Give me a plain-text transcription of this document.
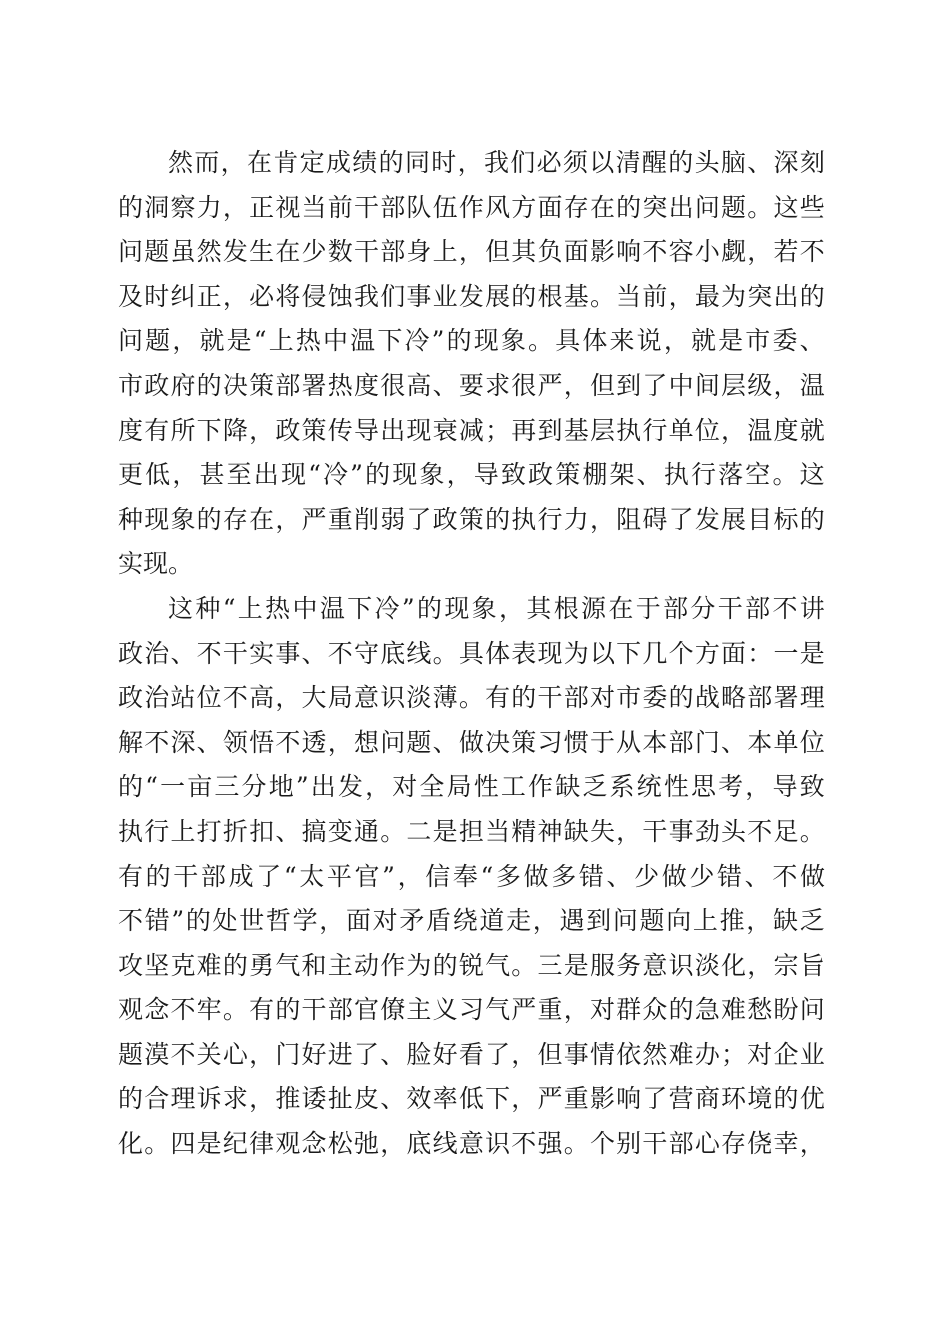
然 而 ， 在 肯 定 成 绩 的 同 时 ， 我 们 必 须 以 清 醒 的 头 脑 、 深 刻
的 洞 察 力 ， 正 视 当 前 干 部 队 伍 作 风 方 面 存 在 的 突 出 问 题 。 这 些
问 题 虽 然 发 生 在 少 数 干 部 身 上 ， 但 其 负 面 影 响 不 容 小 觑 ， 若 不
及 时 纠 正 ， 必 将 侵 蚀 我 们 事 业 发 展 的 根 基 。 当 前 ， 最 为 突 出 的
问 题 ， 就 是 “ 上 热 中 温 下 冷 ” 的 现 象 。 具 体 来 说 ， 就 是 市 委 、
市 政 府 的 决 策 部 署 热 度 很 高 、 要 求 很 严 ， 但 到 了 中 间 层 级 ， 温
度 有 所 下 降 ， 政 策 传 导 出 现 衰 减 ； 再 到 基 层 执 行 单 位 ， 温 度 就
更 低 ， 甚 至 出 现 “ 冷 ” 的 现 象 ， 导 致 政 策 棚 架 、 执 行 落 空 。 这
种 现 象 的 存 在 ， 严 重 削 弱 了 政 策 的 执 行 力 ， 阻 碍 了 发 展 目 标 的
实 现 。
这 种 “ 上 热 中 温 下 冷 ” 的 现 象 ， 其 根 源 在 于 部 分 干 部 不 讲
政 治 、 不 干 实 事 、 不 守 底 线 。 具 体 表 现 为 以 下 几 个 方 面 ： 一 是
政 治 站 位 不 高 ， 大 局 意 识 淡 薄 。 有 的 干 部 对 市 委 的 战 略 部 署 理
解 不 深 、 领 悟 不 透 ， 想 问 题 、 做 决 策 习 惯 于 从 本 部 门 、 本 单 位
的 “ 一 亩 三 分 地 ” 出 发 ， 对 全 局 性 工 作 缺 乏 系 统 性 思 考 ， 导 致
执 行 上 打 折 扣 、 搞 变 通 。 二 是 担 当 精 神 缺 失 ， 干 事 劲 头 不 足 。
有 的 干 部 成 了 “ 太 平 官 ” ， 信 奉 “ 多 做 多 错 、 少 做 少 错 、 不 做
不 错 ” 的 处 世 哲 学 ， 面 对 矛 盾 绕 道 走 ， 遇 到 问 题 向 上 推 ， 缺 乏
攻 坚 克 难 的 勇 气 和 主 动 作 为 的 锐 气 。 三 是 服 务 意 识 淡 化 ， 宗 旨
观 念 不 牢 。 有 的 干 部 官 僚 主 义 习 气 严 重 ， 对 群 众 的 急 难 愁 盼 问
题 漠 不 关 心 ， 门 好 进 了 、 脸 好 看 了 ， 但 事 情 依 然 难 办 ； 对 企 业
的 合 理 诉 求 ， 推 诿 扯 皮 、 效 率 低 下 ， 严 重 影 响 了 营 商 环 境 的 优
化 。 四 是 纪 律 观 念 松 弛 ， 底 线 意 识 不 强 。 个 别 干 部 心 存 侥 幸 ，
